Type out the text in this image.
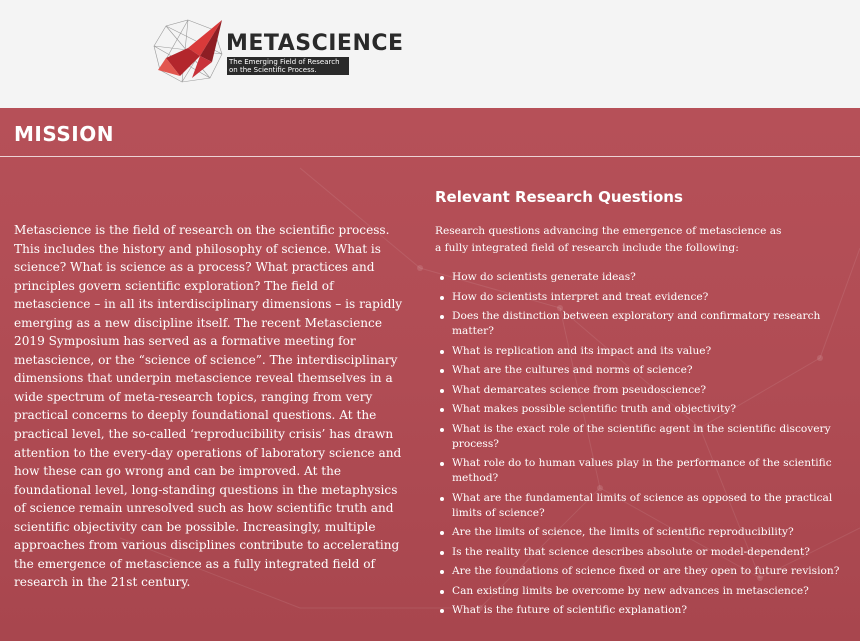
METASCIENCE
The Emerging Field of Research on the Scientific Process.
MISSION

Metascience is the field of research on the scientific process. This includes the history and philosophy of science. What is science? What is science as a process? What practices and principles govern scientific exploration? The field of metascience – in all its interdisciplinary dimensions – is rapidly emerging as a new discipline itself. The recent Metascience 2019 Symposium has served as a formative meeting for metascience, or the “science of science”. The interdisciplinary dimensions that underpin metascience reveal themselves in a wide spectrum of meta-research topics, ranging from very practical concerns to deeply foundational questions. At the practical level, the so-called ‘reproducibility crisis’ has drawn attention to the every-day operations of laboratory science and how these can go wrong and can be improved. At the foundational level, long-standing questions in the metaphysics of science remain unresolved such as how scientific truth and scientific objectivity can be possible. Increasingly, multiple approaches from various disciplines contribute to accelerating the emergence of metascience as a fully integrated field of research in the 21st century.

Relevant Research Questions

Research questions advancing the emergence of metascience as a fully integrated field of research include the following:

How do scientists generate ideas?
How do scientists interpret and treat evidence?
Does the distinction between exploratory and confirmatory research matter?
What is replication and its impact and its value?
What are the cultures and norms of science?
What demarcates science from pseudoscience?
What makes possible scientific truth and objectivity?
What is the exact role of the scientific agent in the scientific discovery process?
What role do to human values play in the performance of the scientific method?
What are the fundamental limits of science as opposed to the practical limits of science?
Are the limits of science, the limits of scientific reproducibility?
Is the reality that science describes absolute or model-dependent?
Are the foundations of science fixed or are they open to future revision?
Can existing limits be overcome by new advances in metascience?
What is the future of scientific explanation?
